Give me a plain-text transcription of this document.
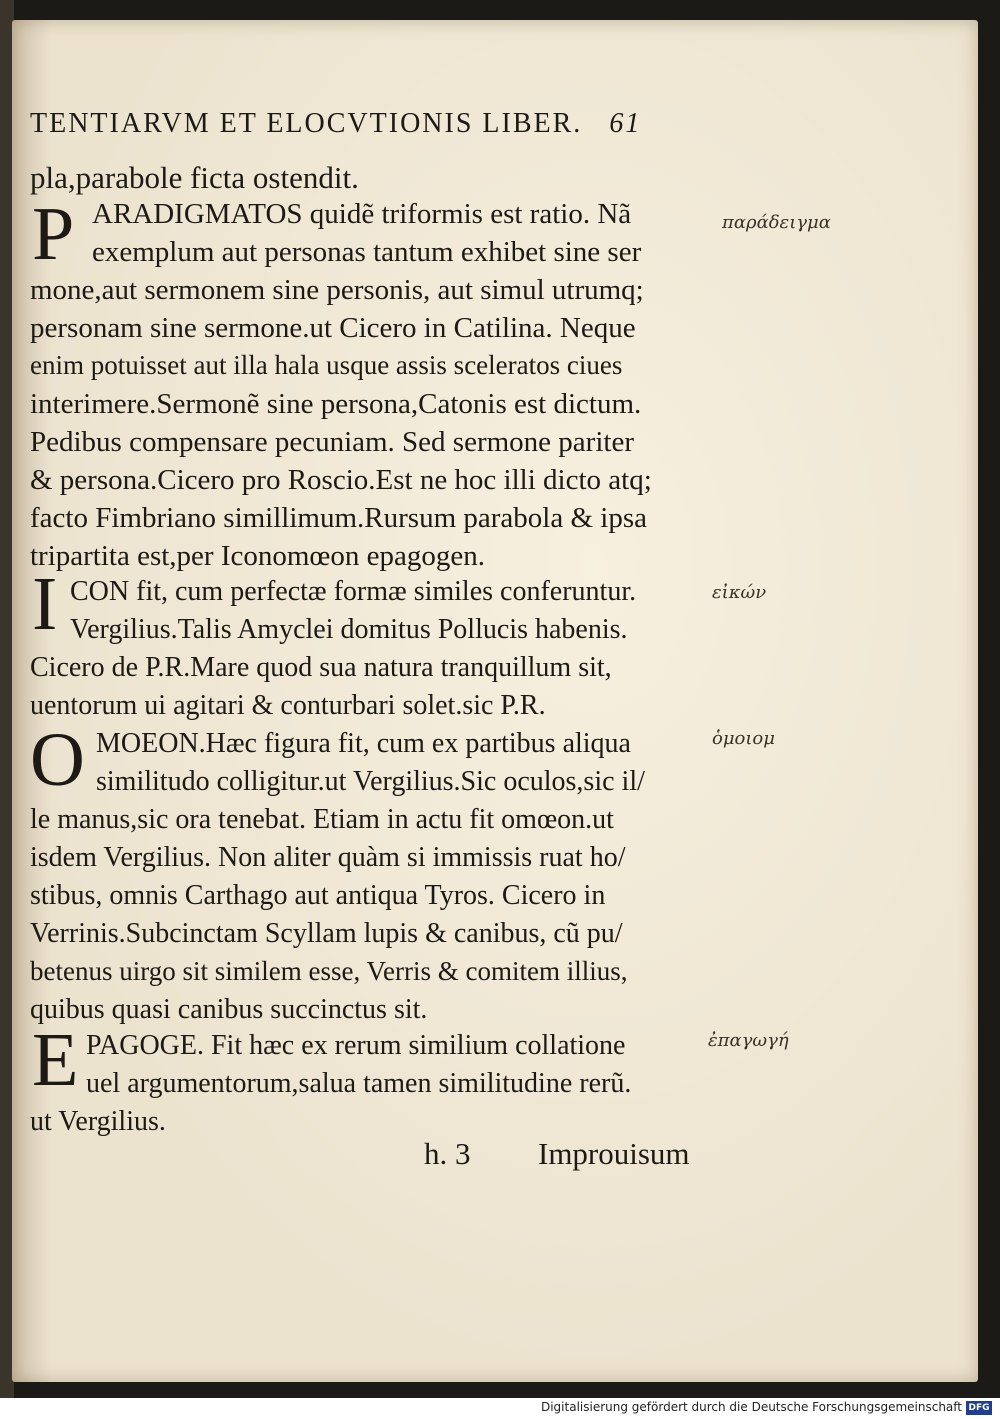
TENTIARVM ET ELOCVTIONIS LIBER. 61
pla,parabole ficta ostendit.
P ARADIGMATOS quidẽ triformis est ratio. Nã
exemplum aut personas tantum exhibet sine ser
mone,aut sermonem sine personis, aut simul utrumq;
personam sine sermone.ut Cicero in Catilina. Neque
enim potuisset aut illa hala usque assis sceleratos ciues
interimere.Sermonẽ sine persona,Catonis est dictum.
Pedibus compensare pecuniam. Sed sermone pariter
& persona.Cicero pro Roscio.Est ne hoc illi dicto atq;
facto Fimbriano simillimum.Rursum parabola & ipsa
tripartita est,per Iconomœon epagogen.
I CON fit, cum perfectæ formæ similes conferuntur.
Vergilius.Talis Amyclei domitus Pollucis habenis.
Cicero de P.R.Mare quod sua natura tranquillum sit,
uentorum ui agitari & conturbari solet.sic P.R.
O MOEON.Hæc figura fit, cum ex partibus aliqua
similitudo colligitur.ut Vergilius.Sic oculos,sic il/
le manus,sic ora tenebat. Etiam in actu fit omœon.ut
isdem Vergilius. Non aliter quàm si immissis ruat ho/
stibus, omnis Carthago aut antiqua Tyros. Cicero in
Verrinis.Subcinctam Scyllam lupis & canibus, cũ pu/
betenus uirgo sit similem esse, Verris & comitem illius,
quibus quasi canibus succinctus sit.
E PAGOGE. Fit hæc ex rerum similium collatione
uel argumentorum,salua tamen similitudine rerũ.
ut Vergilius.
παράδειγμα
εἰκών
ὁμοιομ
ἐπαγωγή
h. 3 Improuisum
Digitalisierung gefördert durch die Deutsche Forschungsgemeinschaft DFG
